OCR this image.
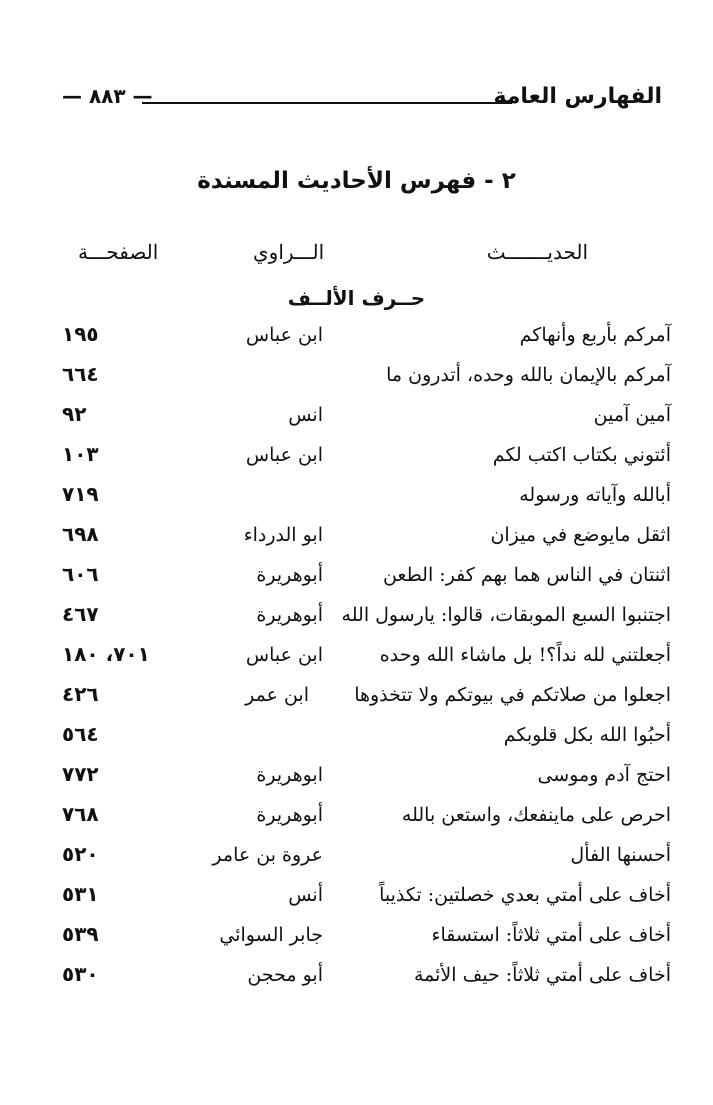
الفهارس العامة
— ٨٨٣ —
٢ - فهرس الأحاديث المسندة
الحديـــــــث
الـــراوي
الصفحـــة
حــرف الألــف
آمركم بأربع وأنهاكم
ابن عباس
١٩٥
آمركم بالإيمان بالله وحده، أتدرون ما
٦٦٤
آمين آمين
انس
٩٢
أئتوني بكتاب اكتب لكم
ابن عباس
١٠٣
أبالله وآياته ورسوله
٧١٩
اثقل مايوضع في ميزان
ابو الدرداء
٦٩٨
اثنتان في الناس هما بهم كفر: الطعن
أبوهريرة
٦٠٦
اجتنبوا السبع الموبقات، قالوا: يارسول الله
أبوهريرة
٤٦٧
أجعلتني لله نداً؟! بل ماشاء الله وحده
ابن عباس
٧٠١، ١٨٠
اجعلوا من صلاتكم في بيوتكم ولا تتخذوها
ابن عمر
٤٢٦
أحبُوا الله بكل قلوبكم
٥٦٤
احتج آدم وموسى
ابوهريرة
٧٧٢
احرص على ماينفعك، واستعن بالله
أبوهريرة
٧٦٨
أحسنها الفأل
عروة بن عامر
٥٢٠
أخاف على أمتي بعدي خصلتين: تكذيباً
أنس
٥٣١
أخاف على أمتي ثلاثاً: استسقاء
جابر السوائي
٥٣٩
أخاف على أمتي ثلاثاً: حيف الأئمة
أبو محجن
٥٣٠
